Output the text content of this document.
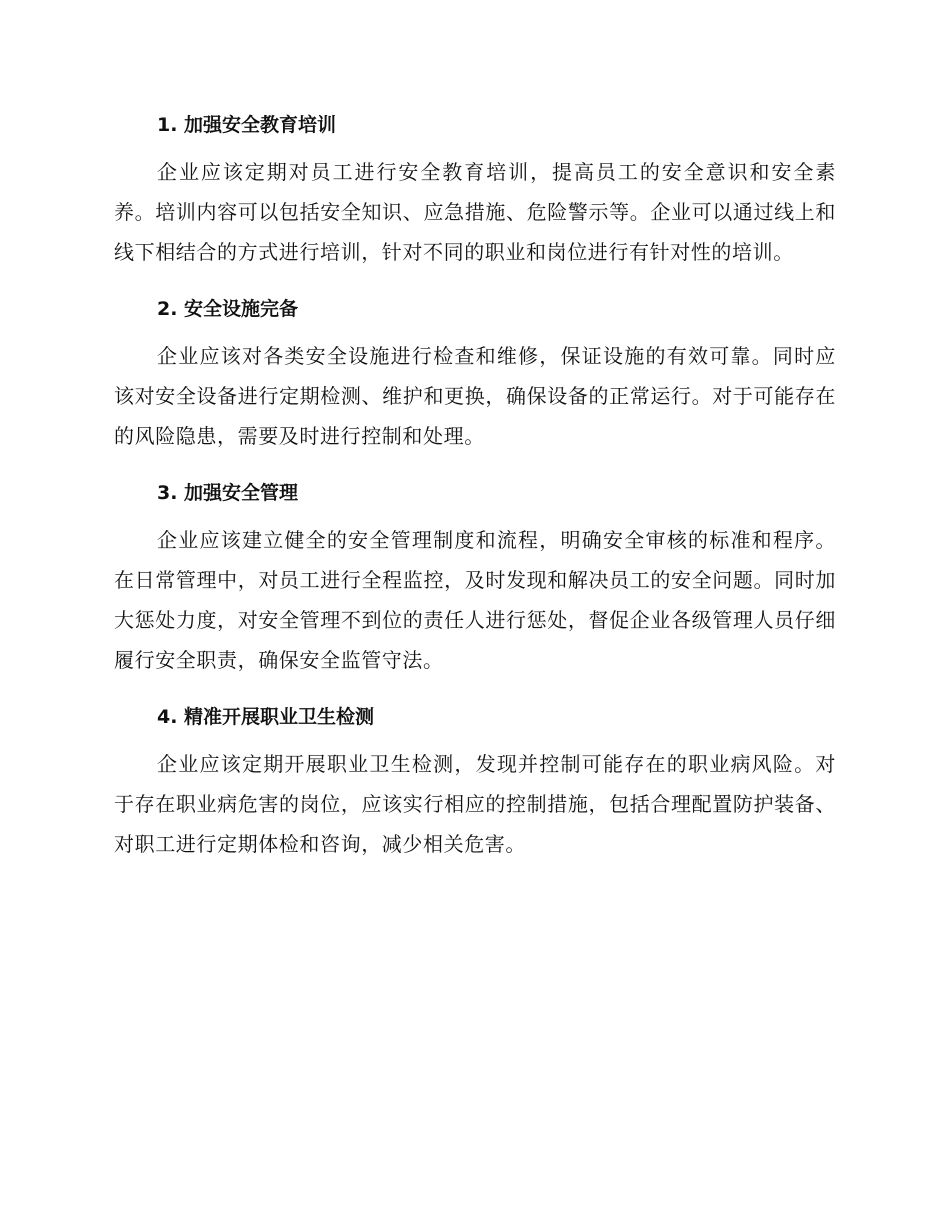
1. 加强安全教育培训

企业应该定期对员工进行安全教育培训，提高员工的安全意识和安全素养。培训内容可以包括安全知识、应急措施、危险警示等。企业可以通过线上和线下相结合的方式进行培训，针对不同的职业和岗位进行有针对性的培训。

2. 安全设施完备

企业应该对各类安全设施进行检查和维修，保证设施的有效可靠。同时应该对安全设备进行定期检测、维护和更换，确保设备的正常运行。对于可能存在的风险隐患，需要及时进行控制和处理。

3. 加强安全管理

企业应该建立健全的安全管理制度和流程，明确安全审核的标准和程序。在日常管理中，对员工进行全程监控，及时发现和解决员工的安全问题。同时加大惩处力度，对安全管理不到位的责任人进行惩处，督促企业各级管理人员仔细履行安全职责，确保安全监管守法。

4. 精准开展职业卫生检测

企业应该定期开展职业卫生检测，发现并控制可能存在的职业病风险。对于存在职业病危害的岗位，应该实行相应的控制措施，包括合理配置防护装备、对职工进行定期体检和咨询，减少相关危害。
